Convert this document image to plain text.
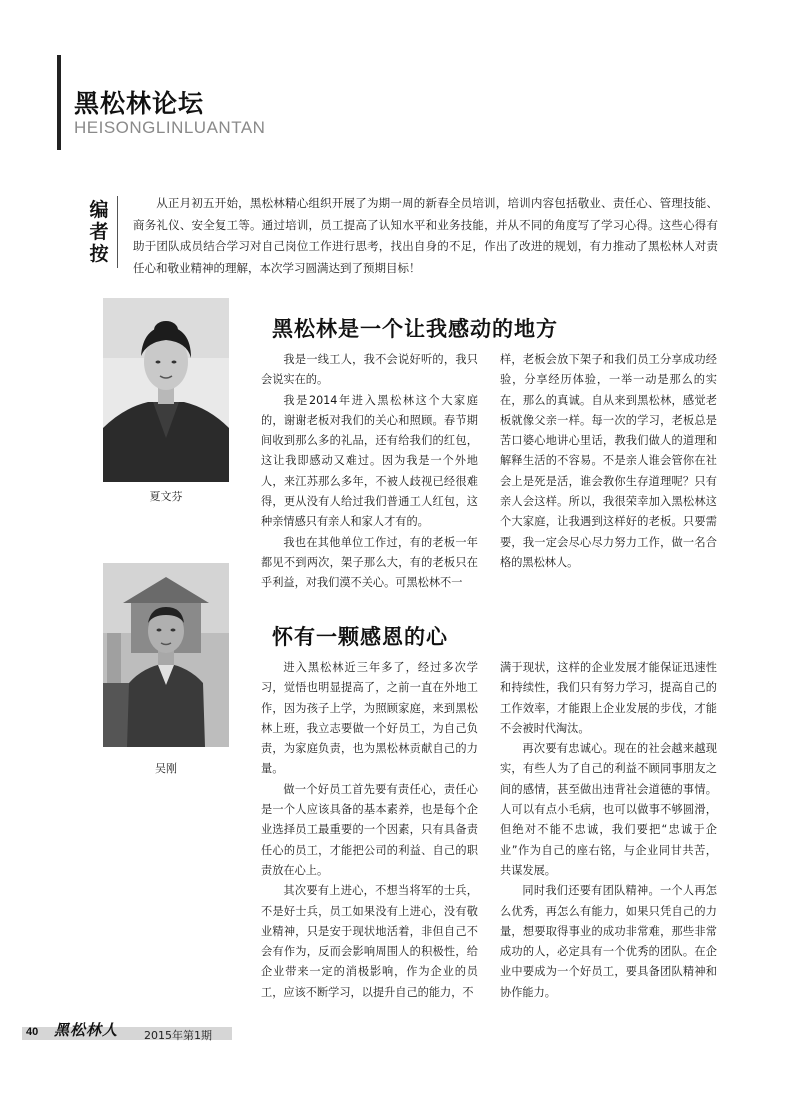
黑松林论坛
HEISONGLINLUANTAN
编
者
按

从正月初五开始，黑松林精心组织开展了为期一周的新春全员培训，培训内容包括敬业、责任心、管理技能、商务礼仪、安全复工等。通过培训，员工提高了认知水平和业务技能，并从不同的角度写了学习心得。这些心得有助于团队成员结合学习对自己岗位工作进行思考，找出自身的不足，作出了改进的规划，有力推动了黑松林人对责任心和敬业精神的理解，本次学习圆满达到了预期目标！

夏文芬
吴刚
黑松林是一个让我感动的地方

我是一线工人，我不会说好听的，我只会说实在的。

我是2014年进入黑松林这个大家庭的，谢谢老板对我们的关心和照顾。春节期间收到那么多的礼品，还有给我们的红包，这让我即感动又难过。因为我是一个外地人，来江苏那么多年，不被人歧视已经很难得，更从没有人给过我们普通工人红包，这种亲情感只有亲人和家人才有的。

我也在其他单位工作过，有的老板一年都见不到两次，架子那么大，有的老板只在乎利益，对我们漠不关心。可黑松林不一

样，老板会放下架子和我们员工分享成功经验，分享经历体验，一举一动是那么的实在，那么的真诚。自从来到黑松林，感觉老板就像父亲一样。每一次的学习，老板总是苦口婆心地讲心里话，教我们做人的道理和解释生活的不容易。不是亲人谁会管你在社会上是死是活，谁会教你生存道理呢？只有亲人会这样。所以，我很荣幸加入黑松林这个大家庭，让我遇到这样好的老板。只要需要，我一定会尽心尽力努力工作，做一名合格的黑松林人。

怀有一颗感恩的心

进入黑松林近三年多了，经过多次学习，觉悟也明显提高了，之前一直在外地工作，因为孩子上学，为照顾家庭，来到黑松林上班，我立志要做一个好员工，为自己负责，为家庭负责，也为黑松林贡献自己的力量。

做一个好员工首先要有责任心，责任心是一个人应该具备的基本素养，也是每个企业选择员工最重要的一个因素，只有具备责任心的员工，才能把公司的利益、自己的职责放在心上。

其次要有上进心，不想当将军的士兵，不是好士兵，员工如果没有上进心，没有敬业精神，只是安于现状地活着，非但自己不会有作为，反而会影响周围人的积极性，给企业带来一定的消极影响，作为企业的员工，应该不断学习，以提升自己的能力，不

满于现状，这样的企业发展才能保证迅速性和持续性，我们只有努力学习，提高自己的工作效率，才能跟上企业发展的步伐，才能不会被时代淘汰。

再次要有忠诚心。现在的社会越来越现实，有些人为了自己的利益不顾同事朋友之间的感情，甚至做出违背社会道德的事情。人可以有点小毛病，也可以做事不够圆滑，但绝对不能不忠诚，我们要把“忠诚于企业”作为自己的座右铭，与企业同甘共苦，共谋发展。

同时我们还要有团队精神。一个人再怎么优秀，再怎么有能力，如果只凭自己的力量，想要取得事业的成功非常难，那些非常成功的人，必定具有一个优秀的团队。在企业中要成为一个好员工，要具备团队精神和协作能力。

40 黑松林人 2015年第1期
